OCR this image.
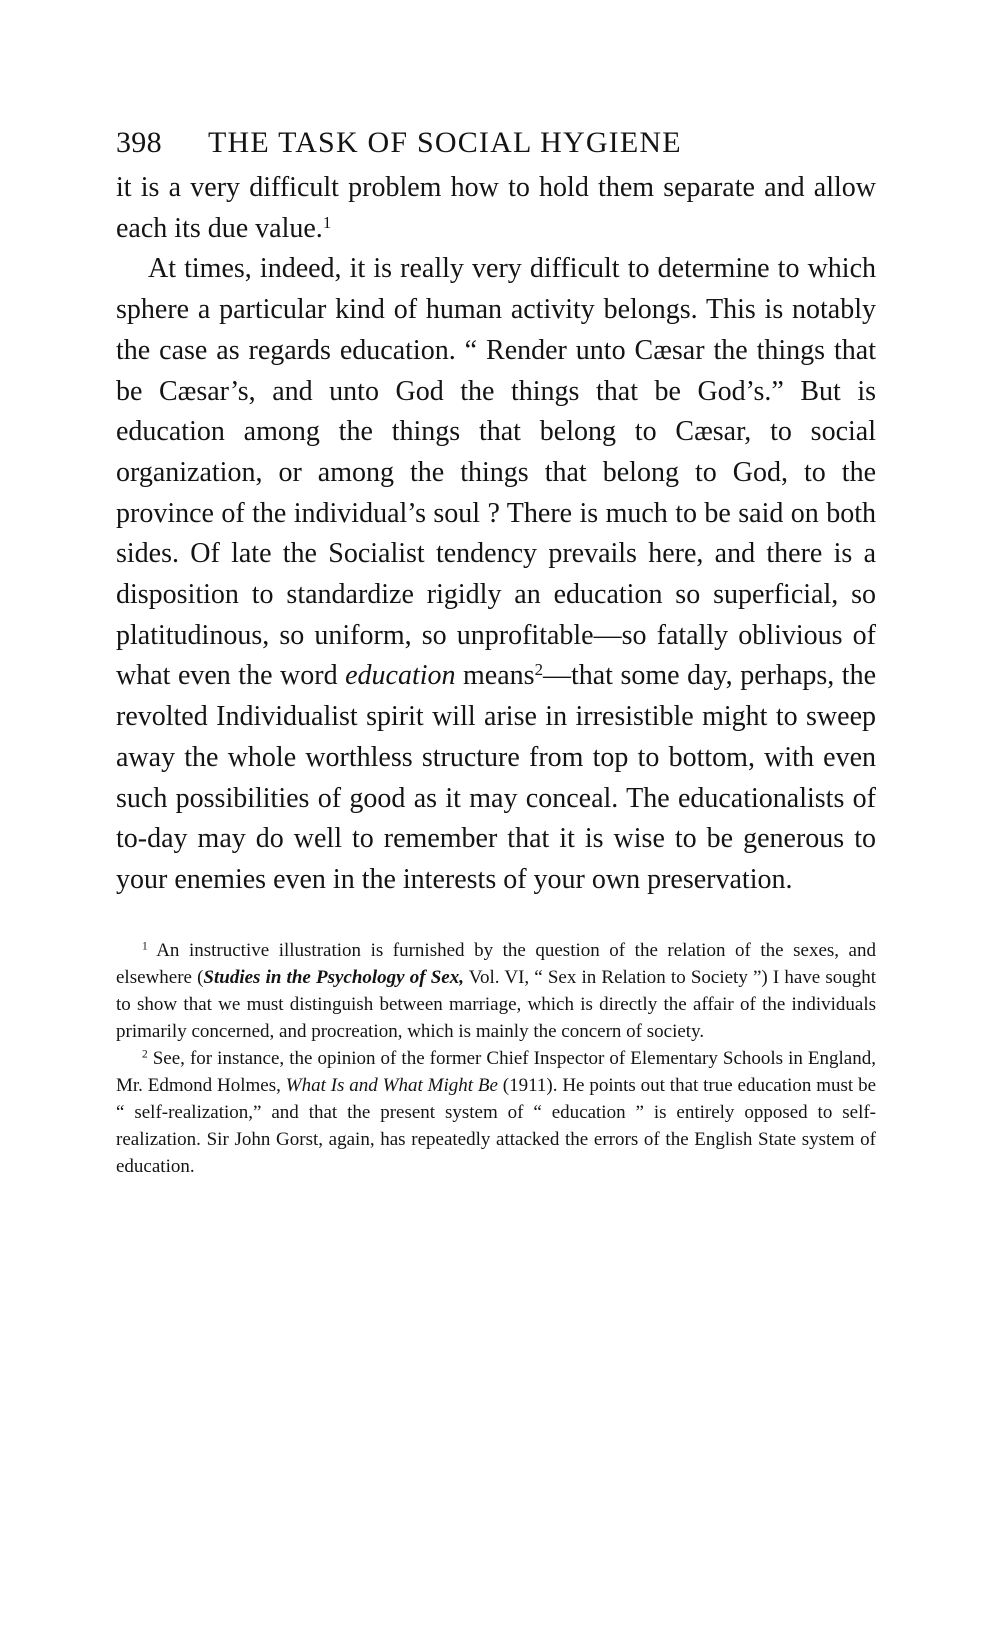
398 THE TASK OF SOCIAL HYGIENE

it is a very difficult problem how to hold them separate and allow each its due value.$^1$

At times, indeed, it is really very difficult to determine to which sphere a particular kind of human activity belongs. This is notably the case as regards education. “ Render unto Cæsar the things that be Cæsar’s, and unto God the things that be God’s.” But is education among the things that belong to Cæsar, to social organization, or among the things that belong to God, to the province of the individual’s soul ? There is much to be said on both sides. Of late the Socialist tendency prevails here, and there is a disposition to standardize rigidly an education so superficial, so platitudinous, so uniform, so unprofitable—so fatally oblivious of what even the word education means$^2$—that some day, perhaps, the revolted Individualist spirit will arise in irresistible might to sweep away the whole worthless structure from top to bottom, with even such possibilities of good as it may conceal. The educationalists of to-day may do well to remember that it is wise to be generous to your enemies even in the interests of your own preservation.

$^1$ An instructive illustration is furnished by the question of the relation of the sexes, and elsewhere (Studies in the Psychology of Sex, Vol. VI, “ Sex in Relation to Society ”) I have sought to show that we must distinguish between marriage, which is directly the affair of the individuals primarily concerned, and procreation, which is mainly the concern of society.

$^2$ See, for instance, the opinion of the former Chief Inspector of Elementary Schools in England, Mr. Edmond Holmes, What Is and What Might Be (1911). He points out that true education must be “ self-realization,” and that the present system of “ education ” is entirely opposed to self-realization. Sir John Gorst, again, has repeatedly attacked the errors of the English State system of education.
